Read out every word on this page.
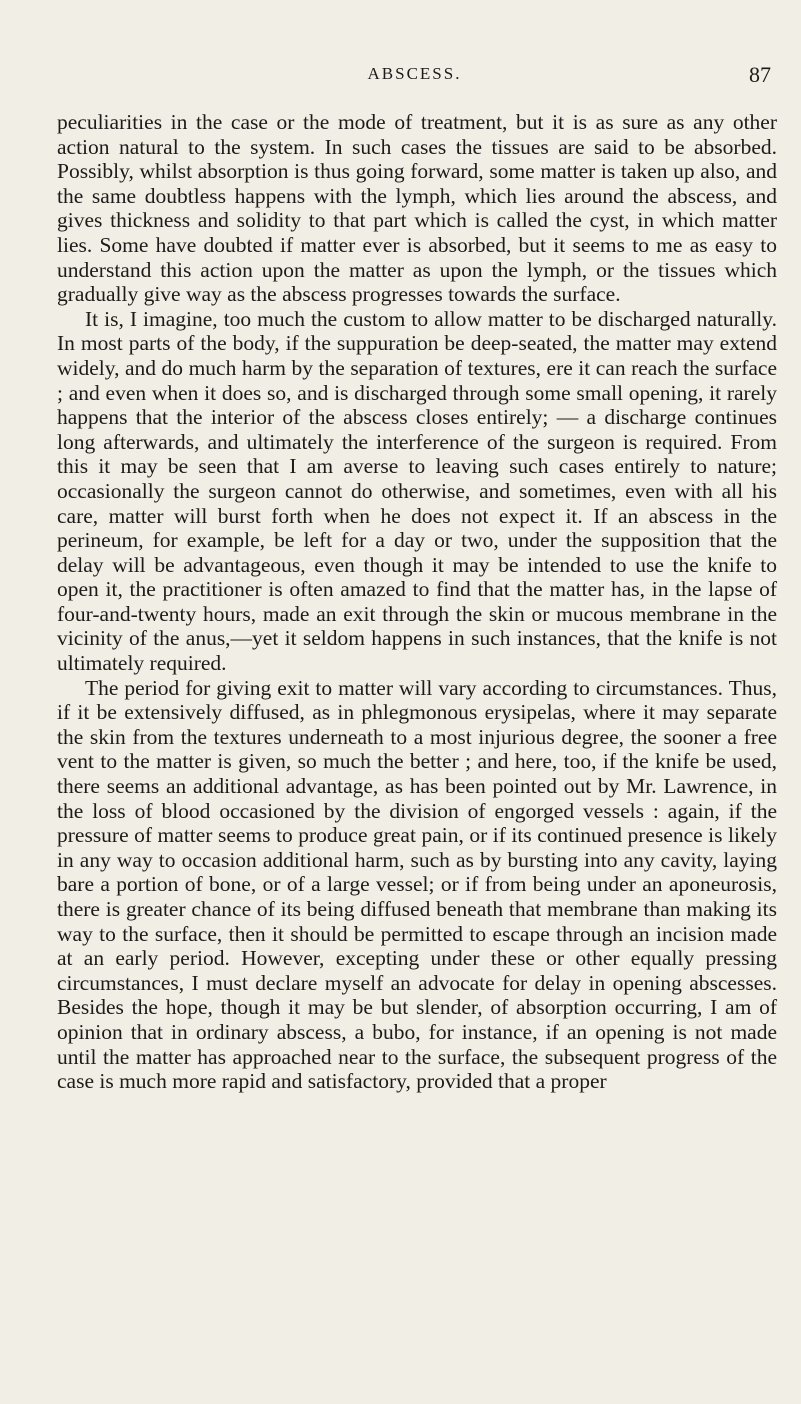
ABSCESS.	87

peculiarities in the case or the mode of treatment, but it is as sure as any other action natural to the system. In such cases the tissues are said to be absorbed. Possibly, whilst absorption is thus going forward, some matter is taken up also, and the same doubtless happens with the lymph, which lies around the abscess, and gives thickness and solidity to that part which is called the cyst, in which matter lies. Some have doubted if matter ever is absorbed, but it seems to me as easy to understand this action upon the matter as upon the lymph, or the tissues which gradually give way as the abscess progresses towards the surface.

It is, I imagine, too much the custom to allow matter to be discharged naturally. In most parts of the body, if the suppuration be deep-seated, the matter may extend widely, and do much harm by the separation of textures, ere it can reach the surface ; and even when it does so, and is discharged through some small opening, it rarely happens that the interior of the abscess closes entirely; — a discharge continues long afterwards, and ultimately the interference of the surgeon is required. From this it may be seen that I am averse to leaving such cases entirely to nature; occasionally the surgeon cannot do otherwise, and sometimes, even with all his care, matter will burst forth when he does not expect it. If an abscess in the perineum, for example, be left for a day or two, under the supposition that the delay will be advantageous, even though it may be intended to use the knife to open it, the practitioner is often amazed to find that the matter has, in the lapse of four-and-twenty hours, made an exit through the skin or mucous membrane in the vicinity of the anus,—yet it seldom happens in such instances, that the knife is not ultimately required.

The period for giving exit to matter will vary according to circumstances. Thus, if it be extensively diffused, as in phlegmonous erysipelas, where it may separate the skin from the textures underneath to a most injurious degree, the sooner a free vent to the matter is given, so much the better ; and here, too, if the knife be used, there seems an additional advantage, as has been pointed out by Mr. Lawrence, in the loss of blood occasioned by the division of engorged vessels : again, if the pressure of matter seems to produce great pain, or if its continued presence is likely in any way to occasion additional harm, such as by bursting into any cavity, laying bare a portion of bone, or of a large vessel; or if from being under an aponeurosis, there is greater chance of its being diffused beneath that membrane than making its way to the surface, then it should be permitted to escape through an incision made at an early period. However, excepting under these or other equally pressing circumstances, I must declare myself an advocate for delay in opening abscesses. Besides the hope, though it may be but slender, of absorption occurring, I am of opinion that in ordinary abscess, a bubo, for instance, if an opening is not made until the matter has approached near to the surface, the subsequent progress of the case is much more rapid and satisfactory, provided that a proper
